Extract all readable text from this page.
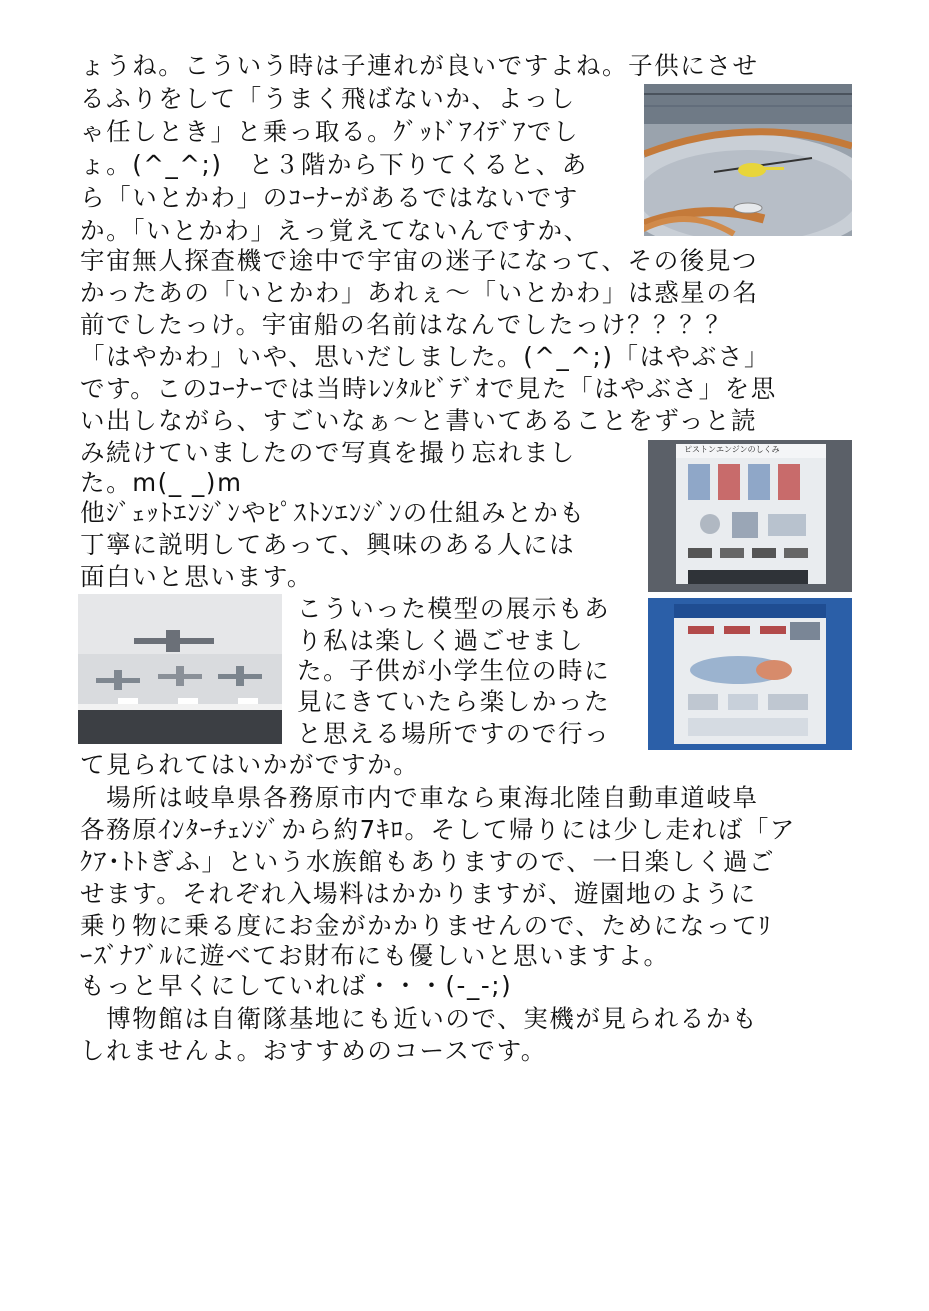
ょうね。こういう時は子連れが良いですよね。子供にさせ
るふりをして「うまく飛ばないか、よっし
ゃ任しとき」と乗っ取る。ｸﾞｯﾄﾞｱｲﾃﾞｱでし
ょ。(^_^;)　と３階から下りてくると、あ
ら「いとかわ」のｺｰﾅｰがあるではないです
か。「いとかわ」えっ覚えてないんですか、
宇宙無人探査機で途中で宇宙の迷子になって、その後見つ
かったあの「いとかわ」あれぇ～「いとかわ」は惑星の名
前でしたっけ。宇宙船の名前はなんでしたっけ？？？？
「はやかわ」いや、思いだしました。(^_^;)「はやぶさ」
です。このｺｰﾅｰでは当時ﾚﾝﾀﾙﾋﾞﾃﾞｵで見た「はやぶさ」を思
い出しながら、すごいなぁ～と書いてあることをずっと読
み続けていましたので写真を撮り忘れまし
た。m(_ _)m
他ｼﾞｪｯﾄｴﾝｼﾞﾝやﾋﾟｽﾄﾝｴﾝｼﾞﾝの仕組みとかも
丁寧に説明してあって、興味のある人には
面白いと思います。
こういった模型の展示もあ
り私は楽しく過ごせまし
た。子供が小学生位の時に
見にきていたら楽しかった
と思える場所ですので行っ
て見られてはいかがですか。
　場所は岐阜県各務原市内で車なら東海北陸自動車道岐阜
各務原ｲﾝﾀｰﾁｪﾝｼﾞから約7ｷﾛ。そして帰りには少し走れば「ア
ｸｱ･ﾄﾄぎふ」という水族館もありますので、一日楽しく過ご
せます。それぞれ入場料はかかりますが、遊園地のように
乗り物に乗る度にお金がかかりませんので、ためになってﾘ
ｰｽﾞﾅﾌﾞﾙに遊べてお財布にも優しいと思いますよ。
もっと早くにしていれば・・・(-_-;)
　博物館は自衛隊基地にも近いので、実機が見られるかも
しれませんよ。おすすめのコースです。
ピストンエンジンのしくみ
